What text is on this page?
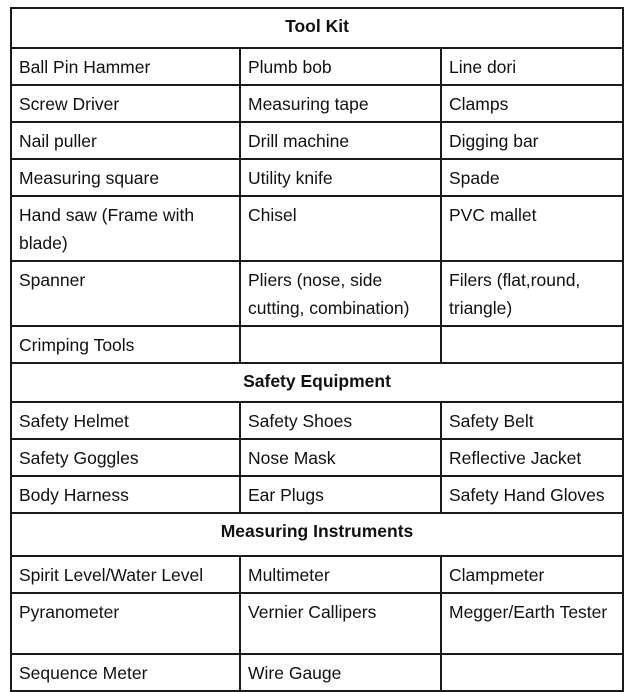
Tool Kit		
Ball Pin Hammer	Plumb bob	Line dori
Screw Driver	Measuring tape	Clamps
Nail puller	Drill machine	Digging bar
Measuring square	Utility knife	Spade
Hand saw (Frame with blade)	Chisel	PVC mallet
Spanner	Pliers (nose, side cutting, combination)	Filers (flat,round, triangle)
Crimping Tools		
Safety Equipment		
Safety Helmet	Safety Shoes	Safety Belt
Safety Goggles	Nose Mask	Reflective Jacket
Body Harness	Ear Plugs	Safety Hand Gloves
Measuring Instruments		
Spirit Level/Water Level	Multimeter	Clampmeter
Pyranometer	Vernier Callipers	Megger/Earth Tester
Sequence Meter	Wire Gauge	
